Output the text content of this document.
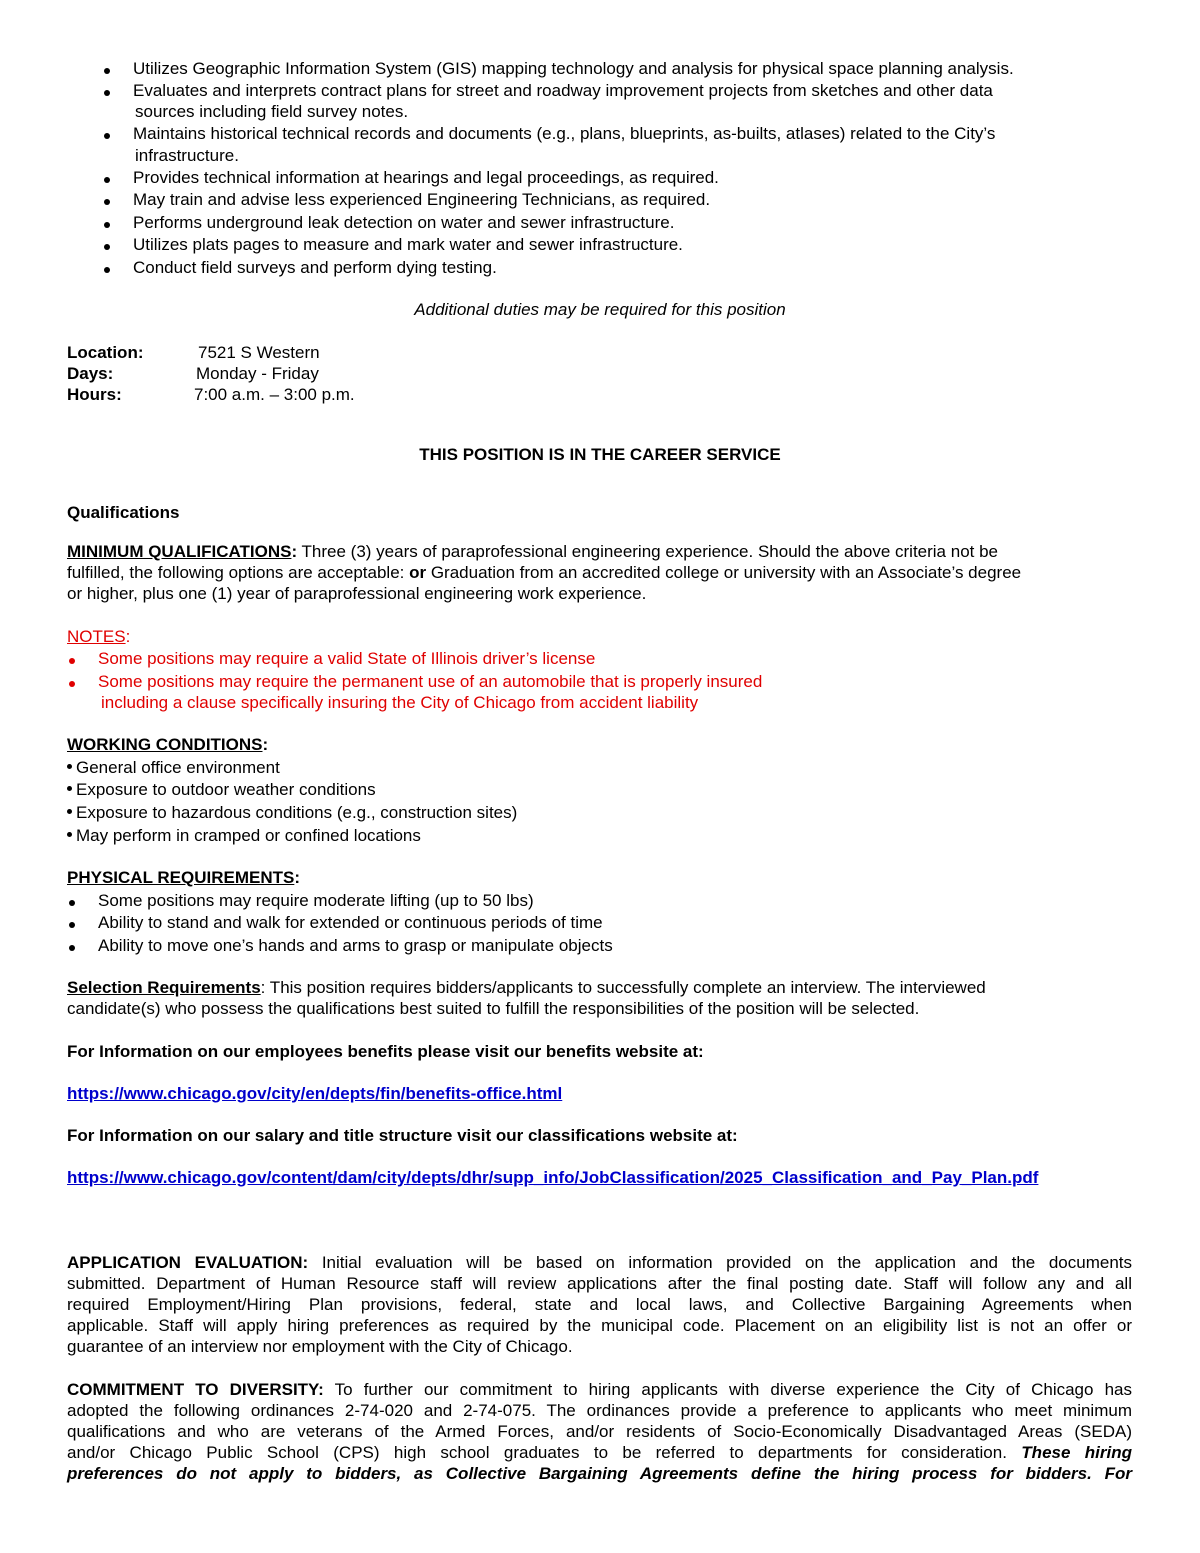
Utilizes Geographic Information System (GIS) mapping technology and analysis for physical space planning analysis.
Evaluates and interprets contract plans for street and roadway improvement projects from sketches and other data
sources including field survey notes.
Maintains historical technical records and documents (e.g., plans, blueprints, as-builts, atlases) related to the City’s
infrastructure.
Provides technical information at hearings and legal proceedings, as required.
May train and advise less experienced Engineering Technicians, as required.
Performs underground leak detection on water and sewer infrastructure.
Utilizes plats pages to measure and mark water and sewer infrastructure.
Conduct field surveys and perform dying testing.
Additional duties may be required for this position
Location:	7521 S Western
Days:	Monday - Friday
Hours:	7:00 a.m. – 3:00 p.m.
THIS POSITION IS IN THE CAREER SERVICE
Qualifications
MINIMUM QUALIFICATIONS: Three (3) years of paraprofessional engineering experience. Should the above criteria not be
fulfilled, the following options are acceptable: or Graduation from an accredited college or university with an Associate’s degree
or higher, plus one (1) year of paraprofessional engineering work experience.
NOTES:
Some positions may require a valid State of Illinois driver’s license
Some positions may require the permanent use of an automobile that is properly insured
including a clause specifically insuring the City of Chicago from accident liability
WORKING CONDITIONS:
General office environment
Exposure to outdoor weather conditions
Exposure to hazardous conditions (e.g., construction sites)
May perform in cramped or confined locations
PHYSICAL REQUIREMENTS:
Some positions may require moderate lifting (up to 50 lbs)
Ability to stand and walk for extended or continuous periods of time
Ability to move one’s hands and arms to grasp or manipulate objects
Selection Requirements: This position requires bidders/applicants to successfully complete an interview. The interviewed
candidate(s) who possess the qualifications best suited to fulfill the responsibilities of the position will be selected.
For Information on our employees benefits please visit our benefits website at:
https://www.chicago.gov/city/en/depts/fin/benefits-office.html
For Information on our salary and title structure visit our classifications website at:
https://www.chicago.gov/content/dam/city/depts/dhr/supp_info/JobClassification/2025_Classification_and_Pay_Plan.pdf
APPLICATION EVALUATION: Initial evaluation will be based on information provided on the application and the documents
submitted. Department of Human Resource staff will review applications after the final posting date. Staff will follow any and all
required Employment/Hiring Plan provisions, federal, state and local laws, and Collective Bargaining Agreements when
applicable. Staff will apply hiring preferences as required by the municipal code. Placement on an eligibility list is not an offer or
guarantee of an interview nor employment with the City of Chicago.
COMMITMENT TO DIVERSITY: To further our commitment to hiring applicants with diverse experience the City of Chicago has
adopted the following ordinances 2-74-020 and 2-74-075. The ordinances provide a preference to applicants who meet minimum
qualifications and who are veterans of the Armed Forces, and/or residents of Socio-Economically Disadvantaged Areas (SEDA)
and/or Chicago Public School (CPS) high school graduates to be referred to departments for consideration. These hiring
preferences do not apply to bidders, as Collective Bargaining Agreements define the hiring process for bidders. For
